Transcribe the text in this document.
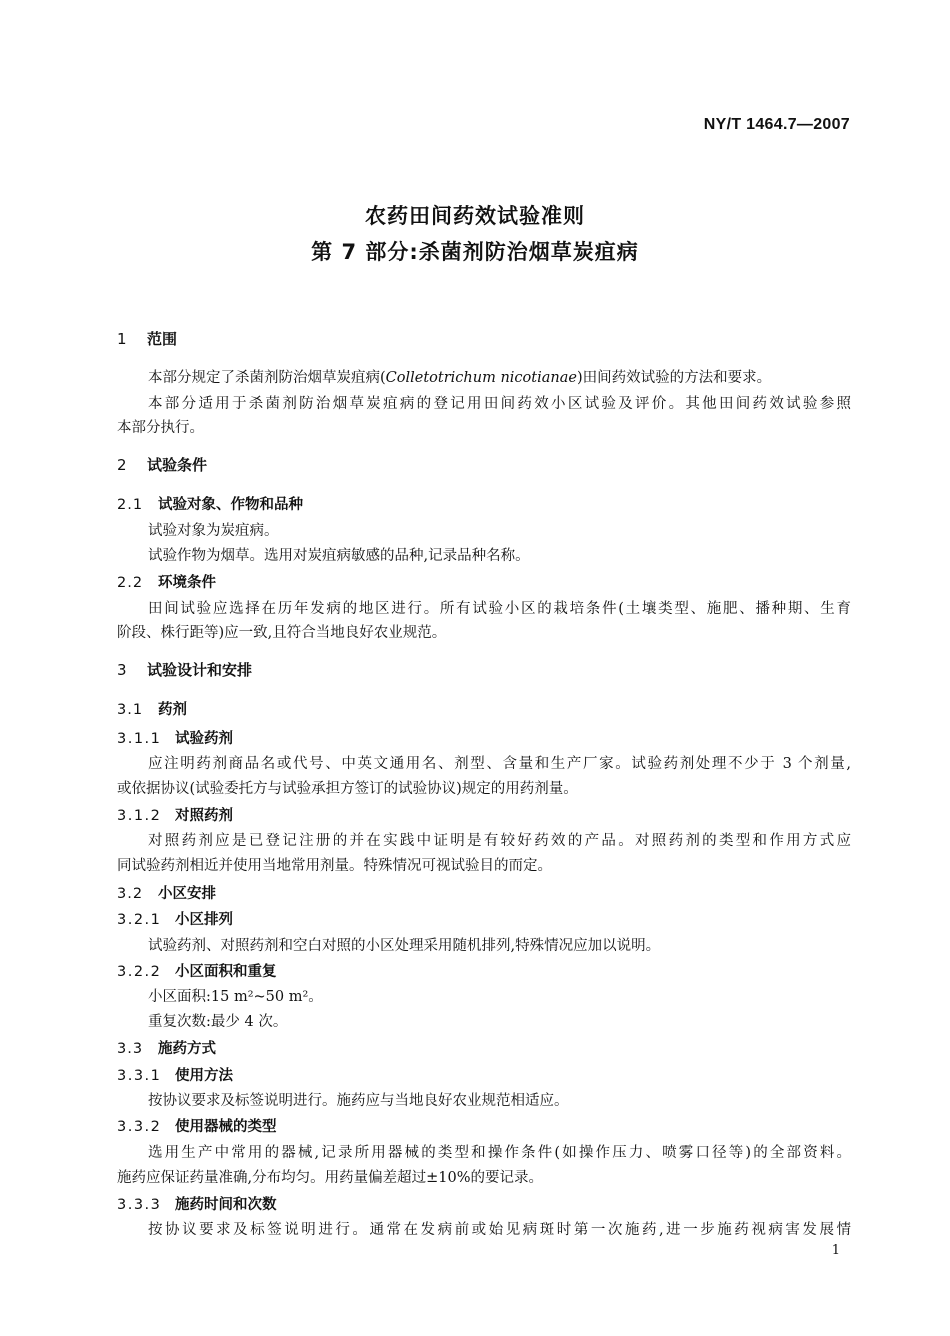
NY/T 1464.7—2007
农药田间药效试验准则
第 7 部分:杀菌剂防治烟草炭疽病
1 范围
本部分规定了杀菌剂防治烟草炭疽病(Colletotrichum nicotianae)田间药效试验的方法和要求。
本部分适用于杀菌剂防治烟草炭疽病的登记用田间药效小区试验及评价。其他田间药效试验参照
本部分执行。
2 试验条件
2.1 试验对象、作物和品种
试验对象为炭疽病。
试验作物为烟草。选用对炭疽病敏感的品种,记录品种名称。
2.2 环境条件
田间试验应选择在历年发病的地区进行。所有试验小区的栽培条件(土壤类型、施肥、播种期、生育
阶段、株行距等)应一致,且符合当地良好农业规范。
3 试验设计和安排
3.1 药剂
3.1.1 试验药剂
应注明药剂商品名或代号、中英文通用名、剂型、含量和生产厂家。试验药剂处理不少于 3 个剂量,
或依据协议(试验委托方与试验承担方签订的试验协议)规定的用药剂量。
3.1.2 对照药剂
对照药剂应是已登记注册的并在实践中证明是有较好药效的产品。对照药剂的类型和作用方式应
同试验药剂相近并使用当地常用剂量。特殊情况可视试验目的而定。
3.2 小区安排
3.2.1 小区排列
试验药剂、对照药剂和空白对照的小区处理采用随机排列,特殊情况应加以说明。
3.2.2 小区面积和重复
小区面积:15 m²~50 m²。
重复次数:最少 4 次。
3.3 施药方式
3.3.1 使用方法
按协议要求及标签说明进行。施药应与当地良好农业规范相适应。
3.3.2 使用器械的类型
选用生产中常用的器械,记录所用器械的类型和操作条件(如操作压力、喷雾口径等)的全部资料。
施药应保证药量准确,分布均匀。用药量偏差超过±10%的要记录。
3.3.3 施药时间和次数
按协议要求及标签说明进行。通常在发病前或始见病斑时第一次施药,进一步施药视病害发展情
1
